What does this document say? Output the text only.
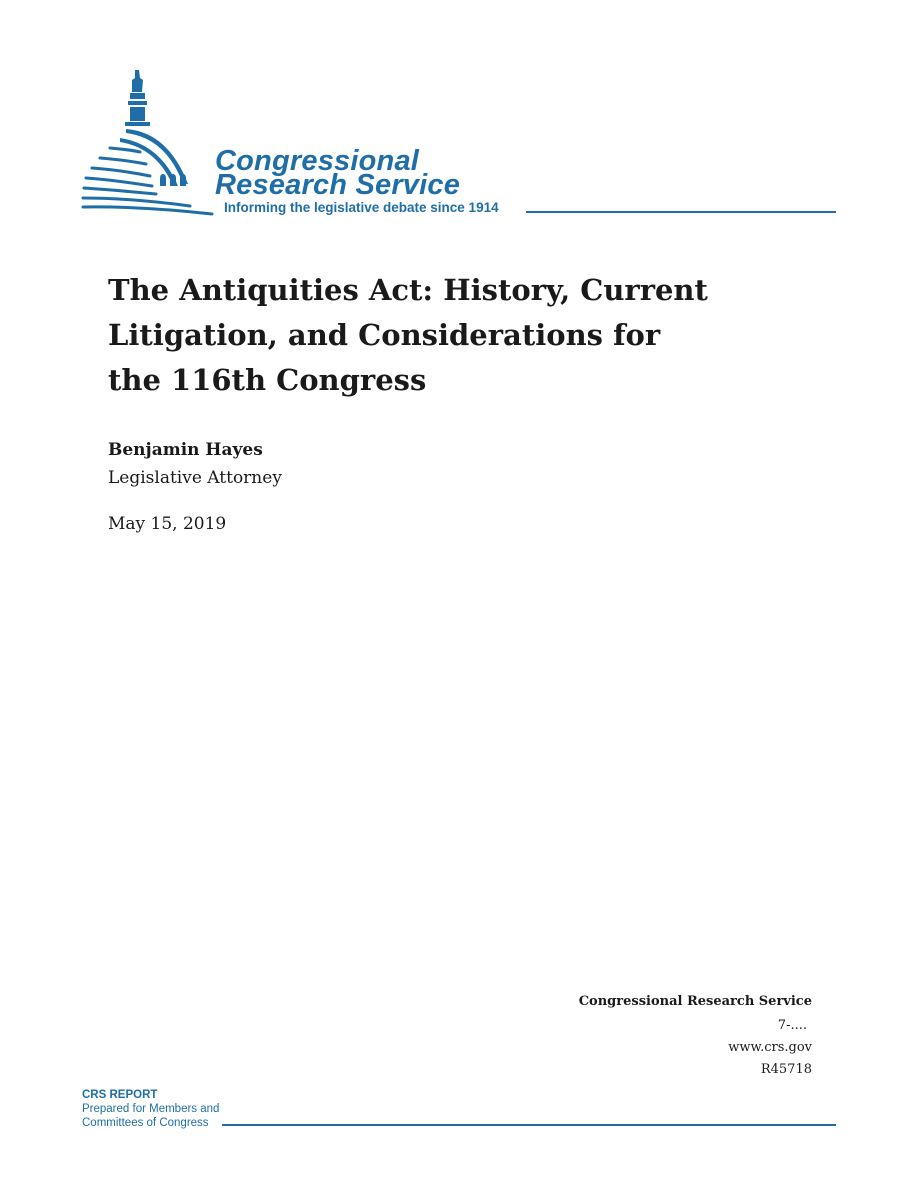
Congressional
Research Service
Informing the legislative debate since 1914
The Antiquities Act: History, Current
Litigation, and Considerations for
the 116th Congress
Benjamin Hayes
Legislative Attorney
May 15, 2019
Congressional Research Service
7-....
www.crs.gov
R45718
CRS REPORT
Prepared for Members and
Committees of Congress
